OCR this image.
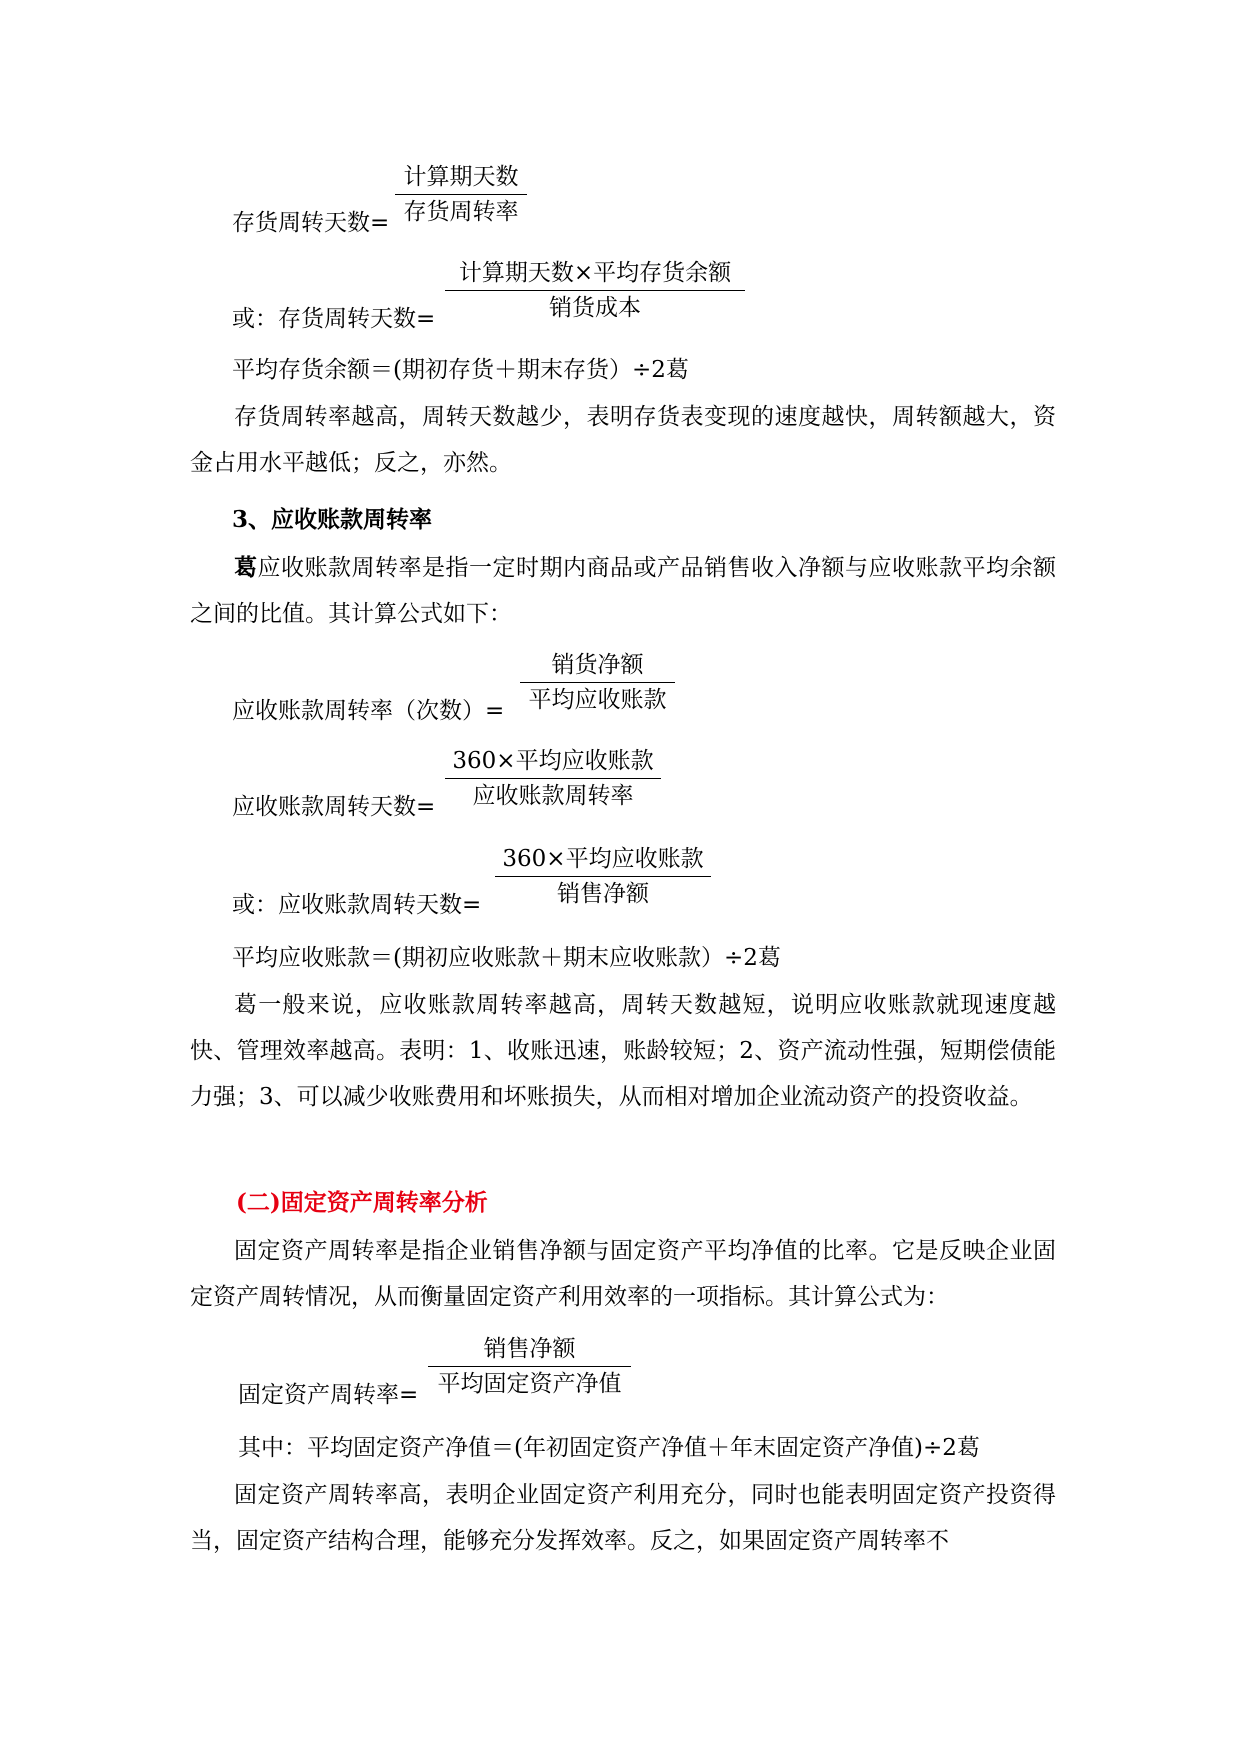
存货周转天数=
计算期天数
存货周转率
或：存货周转天数=
计算期天数×平均存货余额
销货成本
平均存货余额＝(期初存货＋期末存货）÷2葛
存货周转率越高，周转天数越少，表明存货表变现的速度越快，周转额越大，资金占用水平越低；反之，亦然。
3、应收账款周转率
葛应收账款周转率是指一定时期内商品或产品销售收入净额与应收账款平均余额之间的比值。其计算公式如下：
应收账款周转率（次数）=
销货净额
平均应收账款
应收账款周转天数=
360×平均应收账款
应收账款周转率
或：应收账款周转天数=
360×平均应收账款
销售净额
平均应收账款＝(期初应收账款＋期末应收账款）÷2葛
葛一般来说，应收账款周转率越高，周转天数越短，说明应收账款就现速度越快、管理效率越高。表明：1、收账迅速，账龄较短；2、资产流动性强，短期偿债能力强；3、可以减少收账费用和坏账损失，从而相对增加企业流动资产的投资收益。
(二)固定资产周转率分析
固定资产周转率是指企业销售净额与固定资产平均净值的比率。它是反映企业固定资产周转情况，从而衡量固定资产利用效率的一项指标。其计算公式为：
固定资产周转率=
销售净额
平均固定资产净值
其中：平均固定资产净值＝(年初固定资产净值＋年末固定资产净值)÷2葛
固定资产周转率高，表明企业固定资产利用充分，同时也能表明固定资产投资得当，固定资产结构合理，能够充分发挥效率。反之，如果固定资产周转率不
